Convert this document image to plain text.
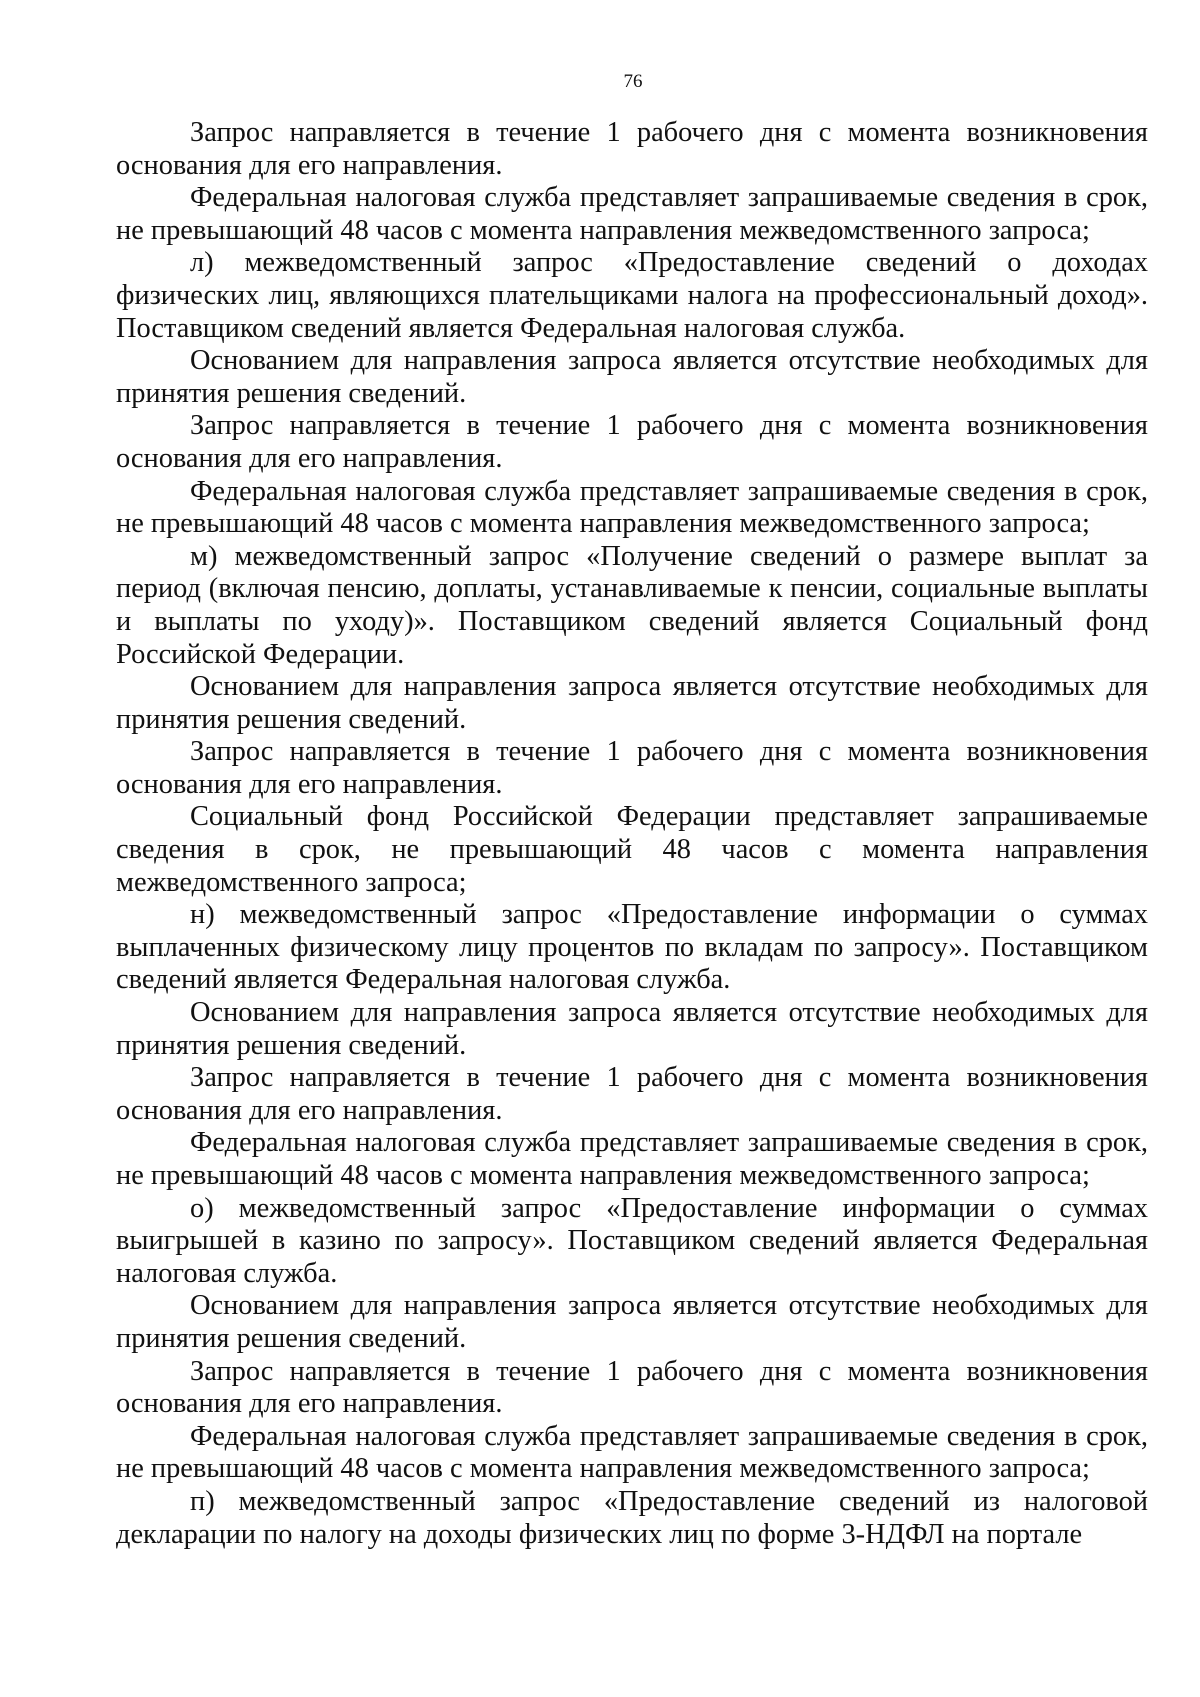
76

Запрос направляется в течение 1 рабочего дня с момента возникновения основания для его направления.

Федеральная налоговая служба представляет запрашиваемые сведения в срок, не превышающий 48 часов с момента направления межведомственного запроса;

л) межведомственный запрос «Предоставление сведений о доходах физических лиц, являющихся плательщиками налога на профессиональный доход». Поставщиком сведений является Федеральная налоговая служба.

Основанием для направления запроса является отсутствие необходимых для принятия решения сведений.

Запрос направляется в течение 1 рабочего дня с момента возникновения основания для его направления.

Федеральная налоговая служба представляет запрашиваемые сведения в срок, не превышающий 48 часов с момента направления межведомственного запроса;

м) межведомственный запрос «Получение сведений о размере выплат за период (включая пенсию, доплаты, устанавливаемые к пенсии, социальные выплаты и выплаты по уходу)». Поставщиком сведений является Социальный фонд Российской Федерации.

Основанием для направления запроса является отсутствие необходимых для принятия решения сведений.

Запрос направляется в течение 1 рабочего дня с момента возникновения основания для его направления.

Социальный фонд Российской Федерации представляет запрашиваемые сведения в срок, не превышающий 48 часов с момента направления межведомственного запроса;

н) межведомственный запрос «Предоставление информации о суммах выплаченных физическому лицу процентов по вкладам по запросу». Поставщиком сведений является Федеральная налоговая служба.

Основанием для направления запроса является отсутствие необходимых для принятия решения сведений.

Запрос направляется в течение 1 рабочего дня с момента возникновения основания для его направления.

Федеральная налоговая служба представляет запрашиваемые сведения в срок, не превышающий 48 часов с момента направления межведомственного запроса;

о) межведомственный запрос «Предоставление информации о суммах выигрышей в казино по запросу». Поставщиком сведений является Федеральная налоговая служба.

Основанием для направления запроса является отсутствие необходимых для принятия решения сведений.

Запрос направляется в течение 1 рабочего дня с момента возникновения основания для его направления.

Федеральная налоговая служба представляет запрашиваемые сведения в срок, не превышающий 48 часов с момента направления межведомственного запроса;

п) межведомственный запрос «Предоставление сведений из налоговой декларации по налогу на доходы физических лиц по форме 3-НДФЛ на портале
